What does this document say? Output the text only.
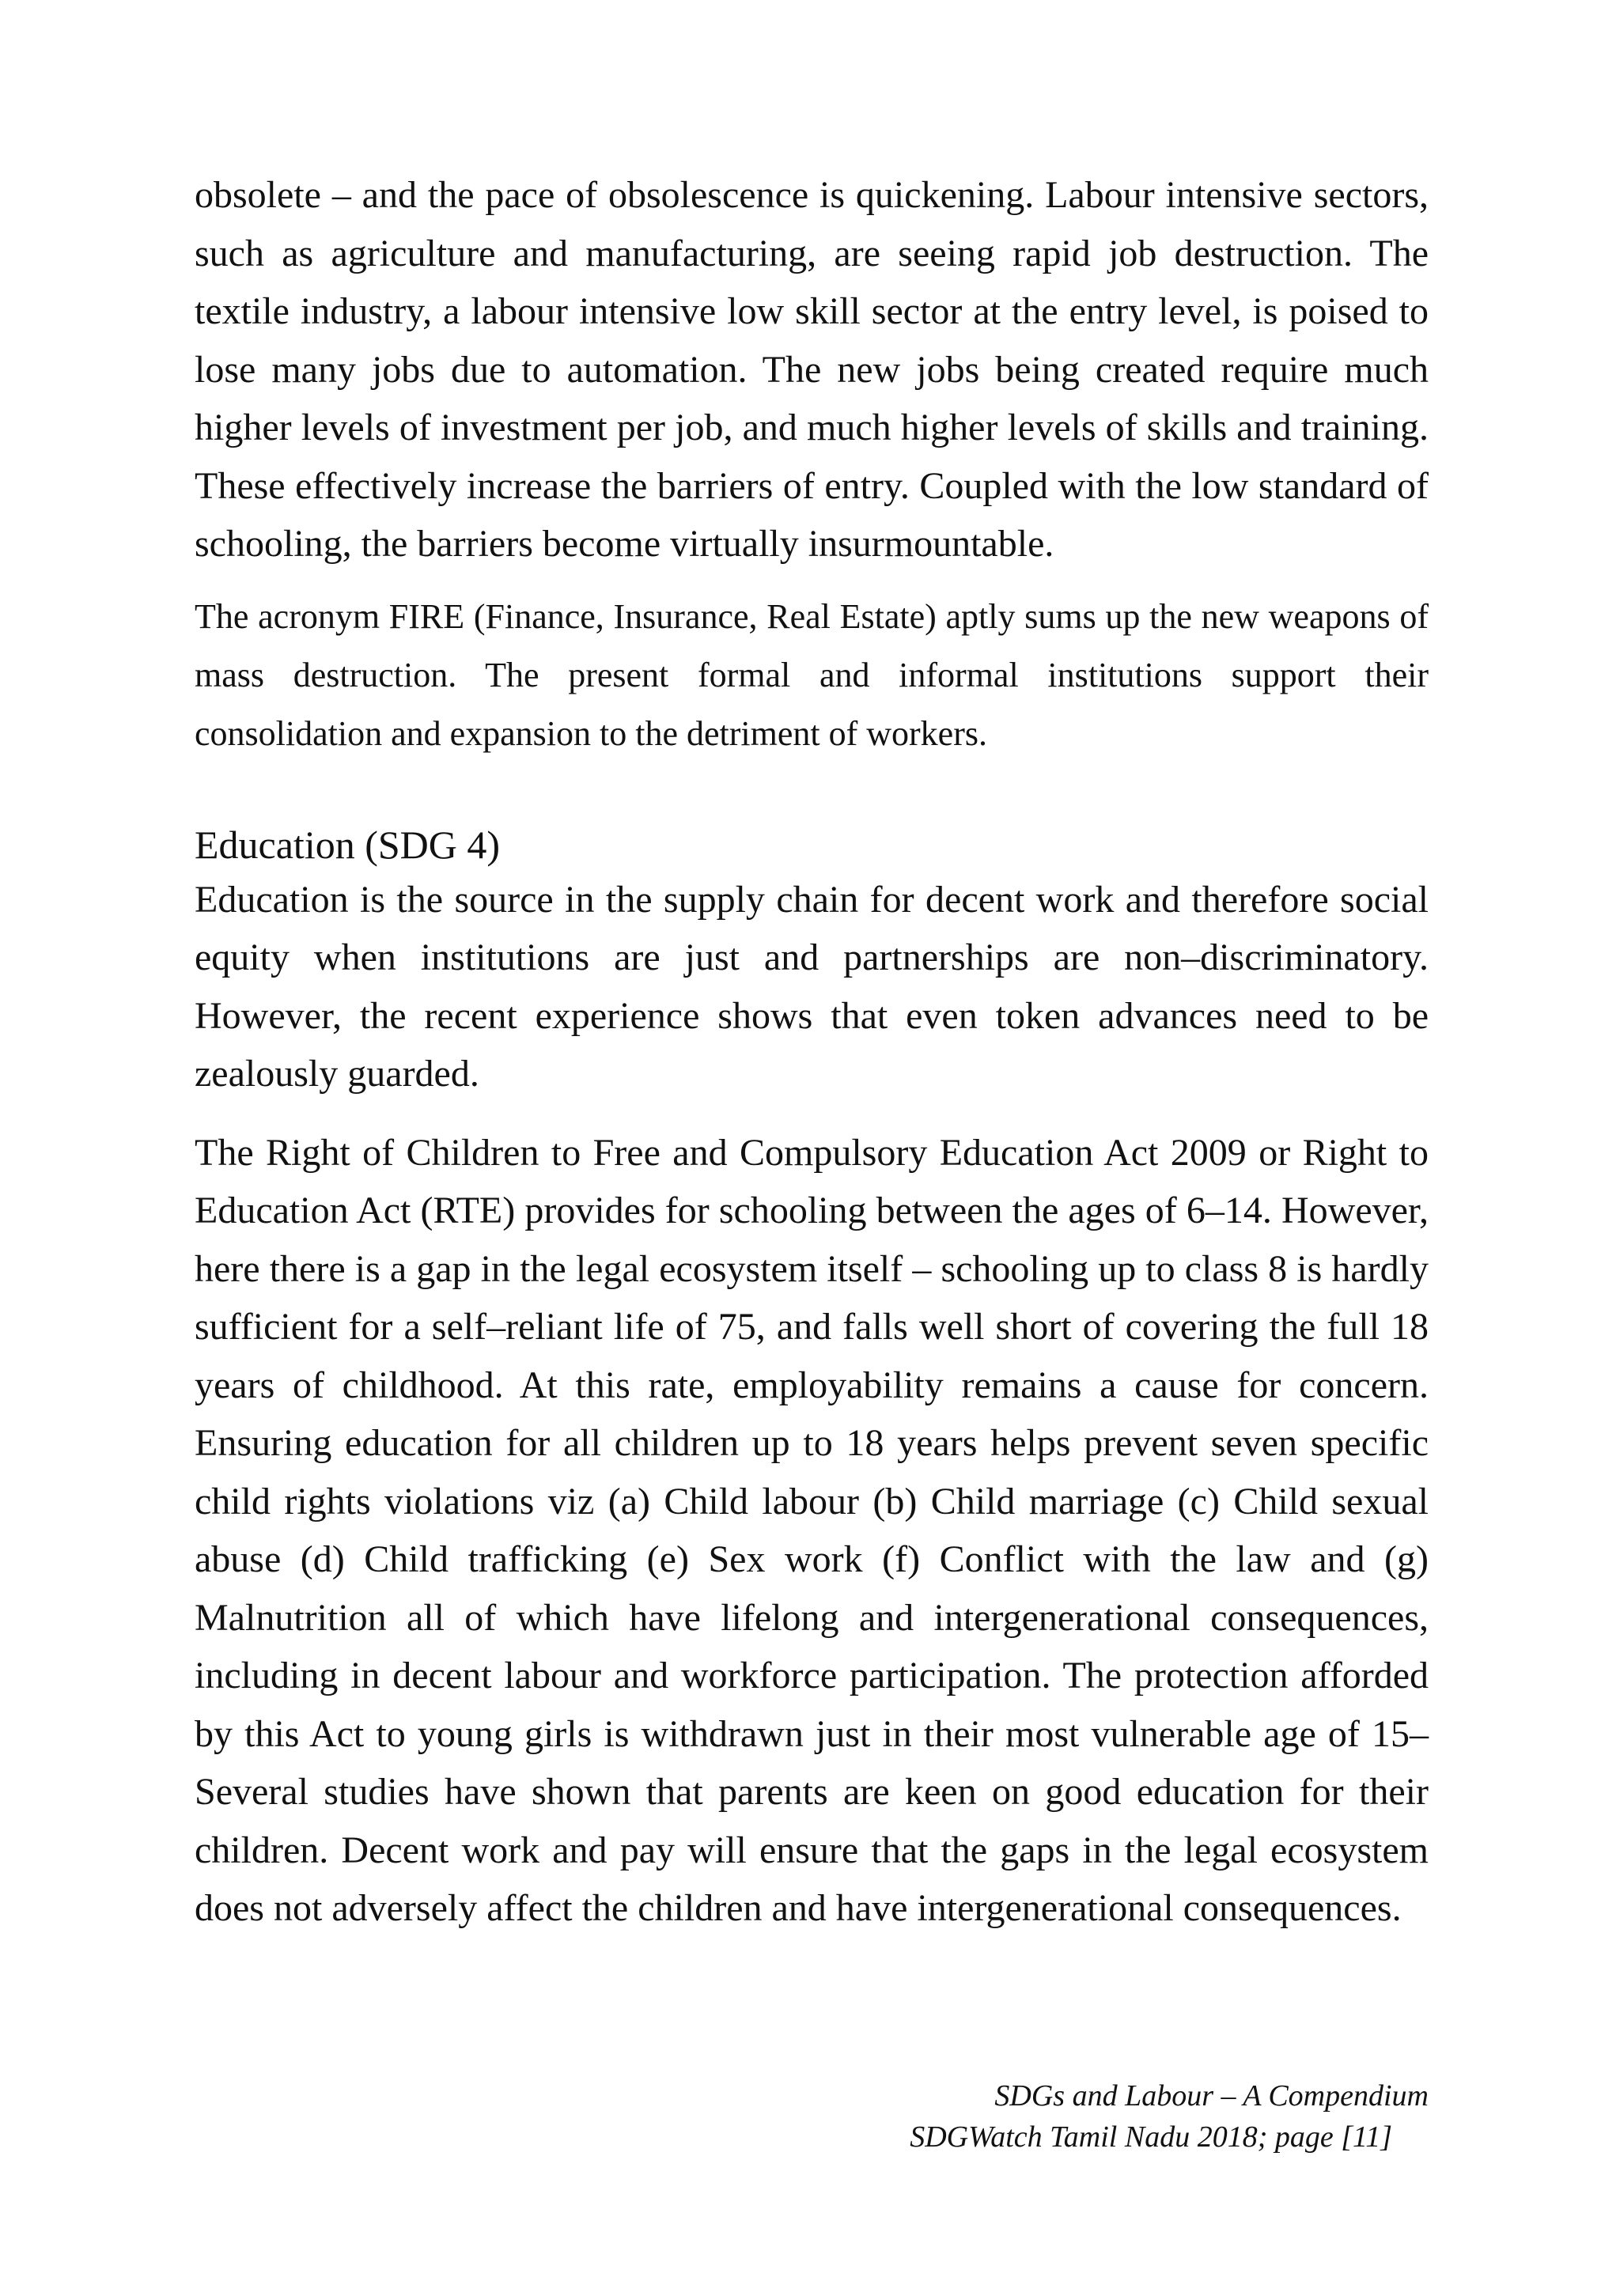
obsolete – and the pace of obsolescence is quickening. Labour intensive sectors, such as agriculture and manufacturing, are seeing rapid job destruction. The textile industry, a labour intensive low skill sector at the entry level, is poised to lose many jobs due to automation. The new jobs being created require much higher levels of investment per job, and much higher levels of skills and training. These effectively increase the barriers of entry. Coupled with the low standard of schooling, the barriers become virtually insurmountable.

The acronym FIRE (Finance, Insurance, Real Estate) aptly sums up the new weapons of mass destruction. The present formal and informal institutions support their consolidation and expansion to the detriment of workers.

Education (SDG 4)

Education is the source in the supply chain for decent work and therefore social equity when institutions are just and partnerships are non–discriminatory. However, the recent experience shows that even token advances need to be zealously guarded.

The Right of Children to Free and Compulsory Education Act 2009 or Right to Education Act (RTE) provides for schooling between the ages of 6–14. However, here there is a gap in the legal ecosystem itself – schooling up to class 8 is hardly sufficient for a self–reliant life of 75, and falls well short of covering the full 18 years of childhood. At this rate, employability remains a cause for concern. Ensuring education for all children up to 18 years helps prevent seven specific child rights violations viz (a) Child labour (b) Child marriage (c) Child sexual abuse (d) Child trafficking (e) Sex work (f) Conflict with the law and (g) Malnutrition all of which have lifelong and intergenerational consequences, including in decent labour and workforce participation. The protection afforded by this Act to young girls is withdrawn just in their most vulnerable age of 15–Several studies have shown that parents are keen on good education for their children. Decent work and pay will ensure that the gaps in the legal ecosystem does not adversely affect the children and have intergenerational consequences.

SDGs and Labour – A Compendium
SDGWatch Tamil Nadu 2018; page [11]
